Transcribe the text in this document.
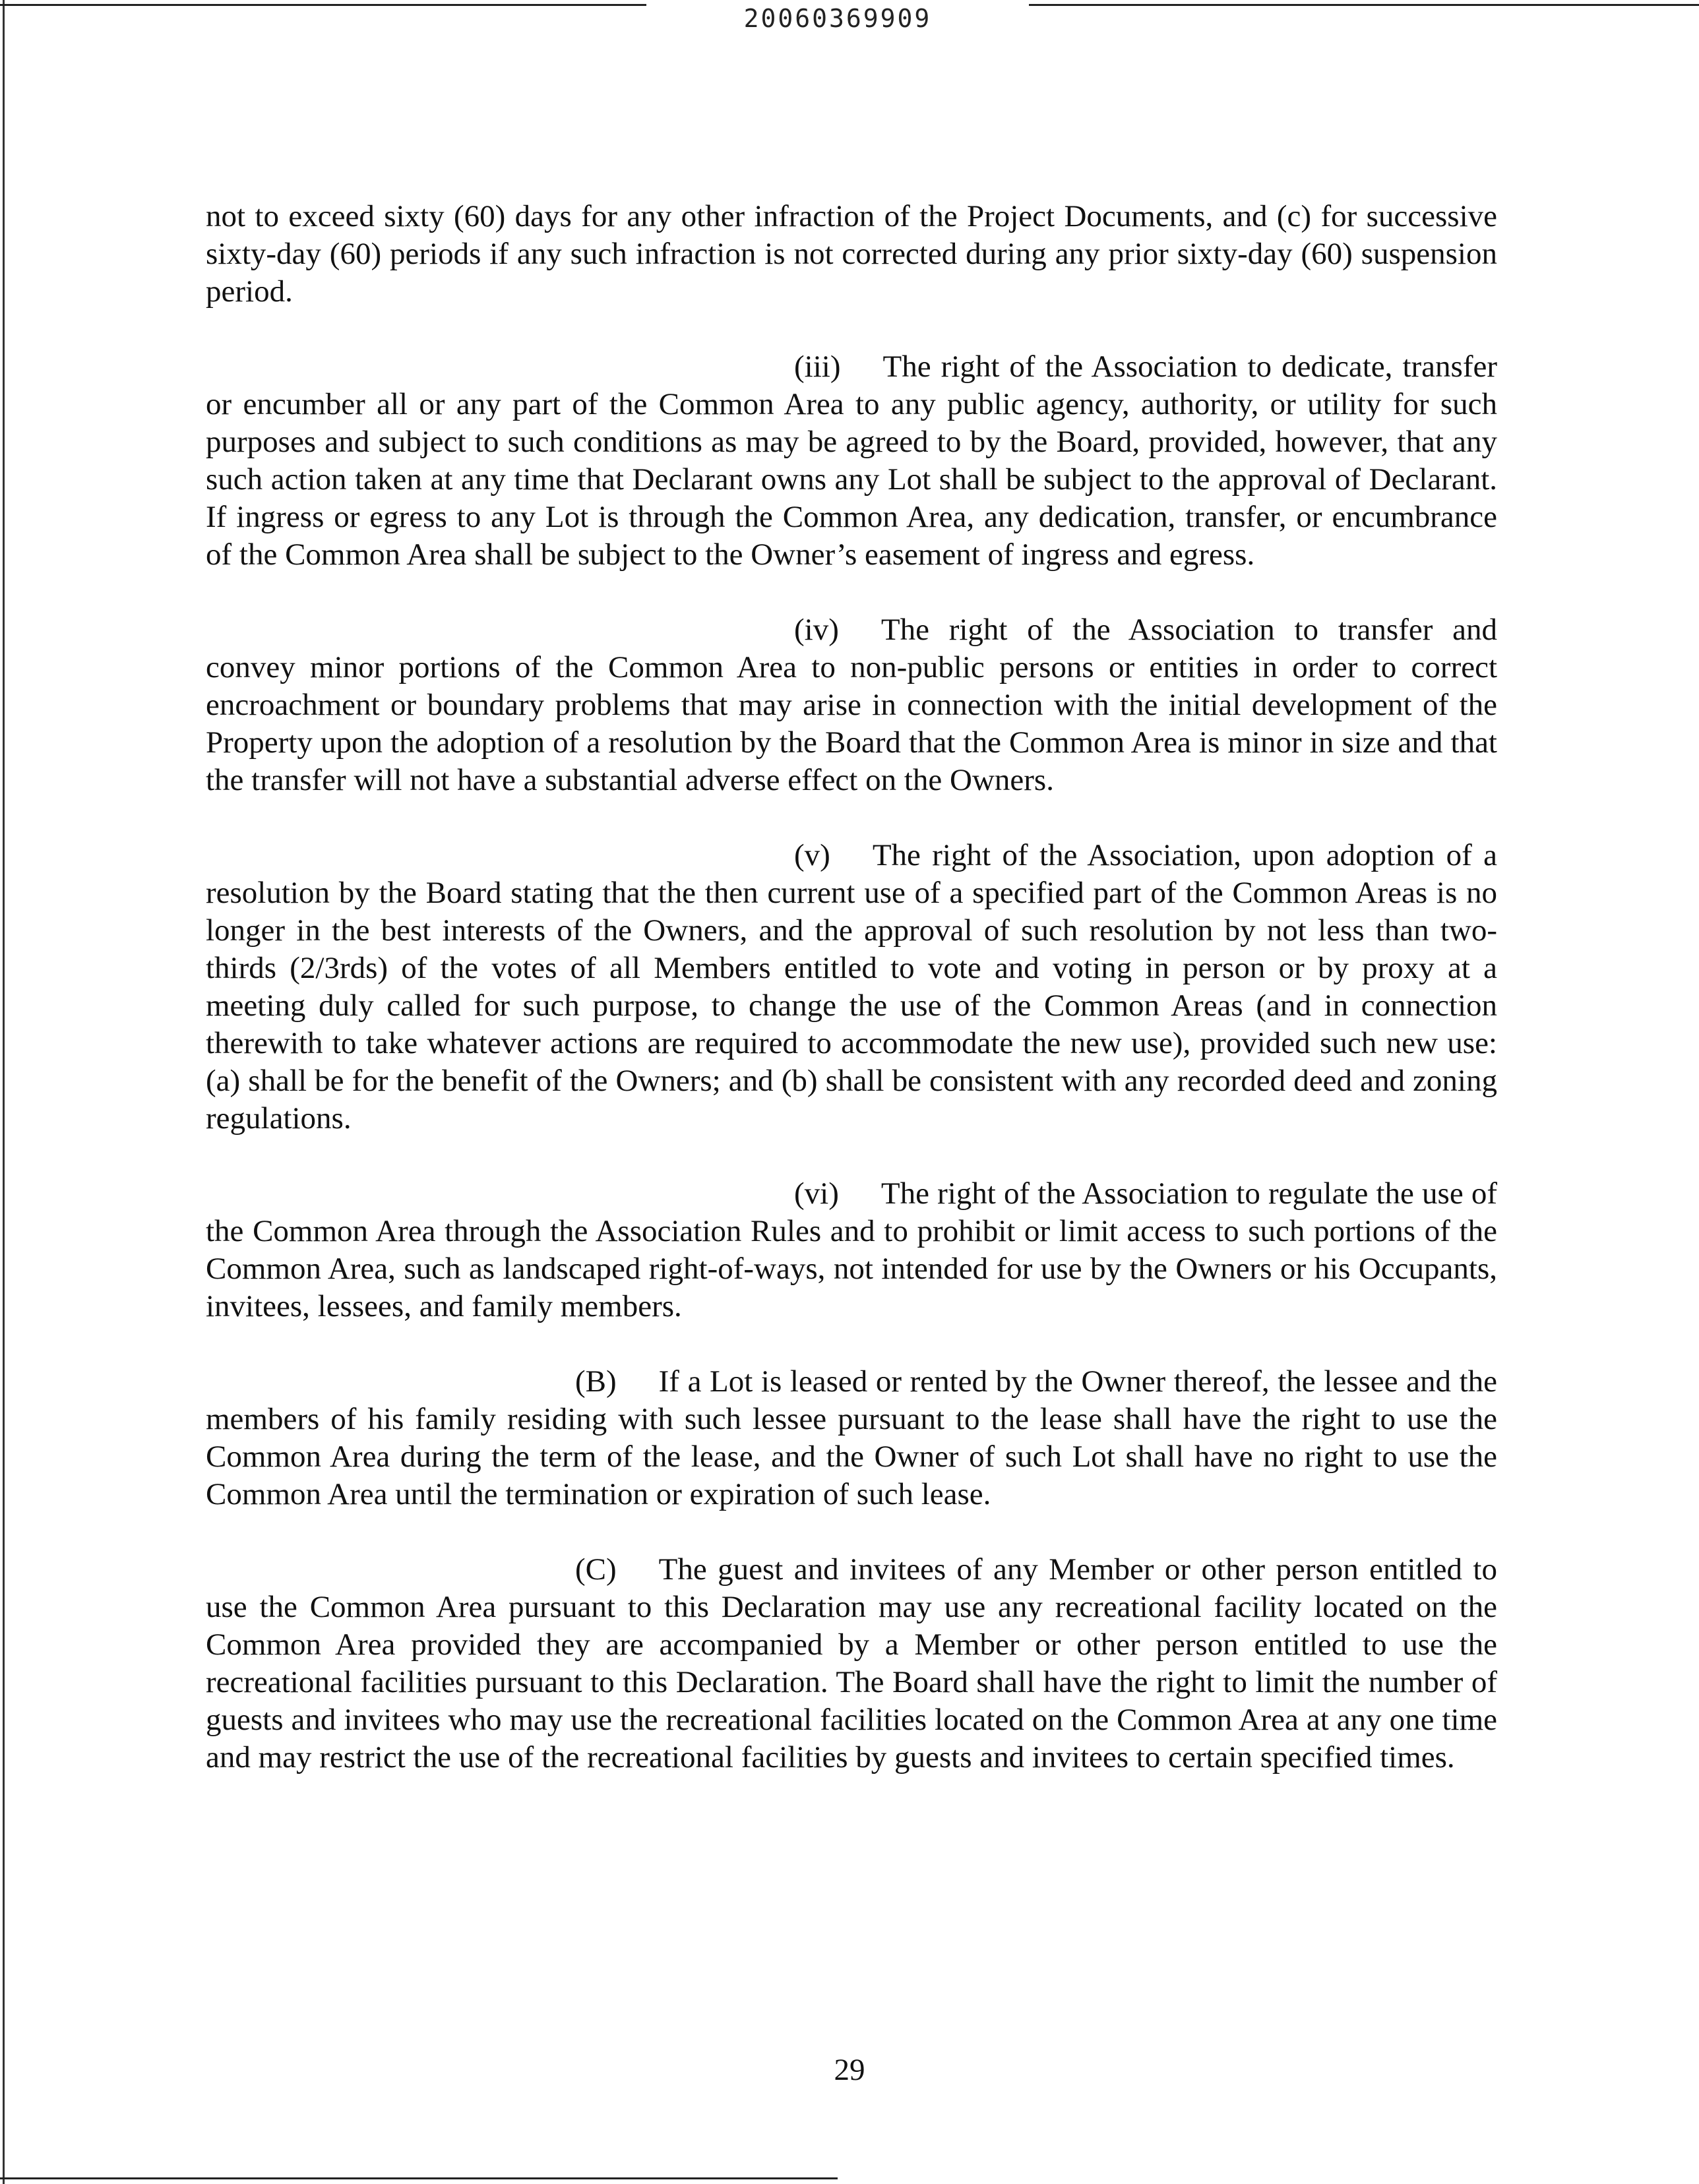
20060369909

not to exceed sixty (60) days for any other infraction of the Project Documents, and (c) for successive sixty-day (60) periods if any such infraction is not corrected during any prior sixty-day (60) suspension period.

(iii) The right of the Association to dedicate, transfer or encumber all or any part of the Common Area to any public agency, authority, or utility for such purposes and subject to such conditions as may be agreed to by the Board, provided, however, that any such action taken at any time that Declarant owns any Lot shall be subject to the approval of Declarant. If ingress or egress to any Lot is through the Common Area, any dedication, transfer, or encumbrance of the Common Area shall be subject to the Owner’s easement of ingress and egress.

(iv) The right of the Association to transfer and convey minor portions of the Common Area to non-public persons or entities in order to correct encroachment or boundary problems that may arise in connection with the initial development of the Property upon the adoption of a resolution by the Board that the Common Area is minor in size and that the transfer will not have a substantial adverse effect on the Owners.

(v) The right of the Association, upon adoption of a resolution by the Board stating that the then current use of a specified part of the Common Areas is no longer in the best interests of the Owners, and the approval of such resolution by not less than two-thirds (2/3rds) of the votes of all Members entitled to vote and voting in person or by proxy at a meeting duly called for such purpose, to change the use of the Common Areas (and in connection therewith to take whatever actions are required to accommodate the new use), provided such new use: (a) shall be for the benefit of the Owners; and (b) shall be consistent with any recorded deed and zoning regulations.

(vi) The right of the Association to regulate the use of the Common Area through the Association Rules and to prohibit or limit access to such portions of the Common Area, such as landscaped right-of-ways, not intended for use by the Owners or his Occupants, invitees, lessees, and family members.

(B) If a Lot is leased or rented by the Owner thereof, the lessee and the members of his family residing with such lessee pursuant to the lease shall have the right to use the Common Area during the term of the lease, and the Owner of such Lot shall have no right to use the Common Area until the termination or expiration of such lease.

(C) The guest and invitees of any Member or other person entitled to use the Common Area pursuant to this Declaration may use any recreational facility located on the Common Area provided they are accompanied by a Member or other person entitled to use the recreational facilities pursuant to this Declaration. The Board shall have the right to limit the number of guests and invitees who may use the recreational facilities located on the Common Area at any one time and may restrict the use of the recreational facilities by guests and invitees to certain specified times.

29
